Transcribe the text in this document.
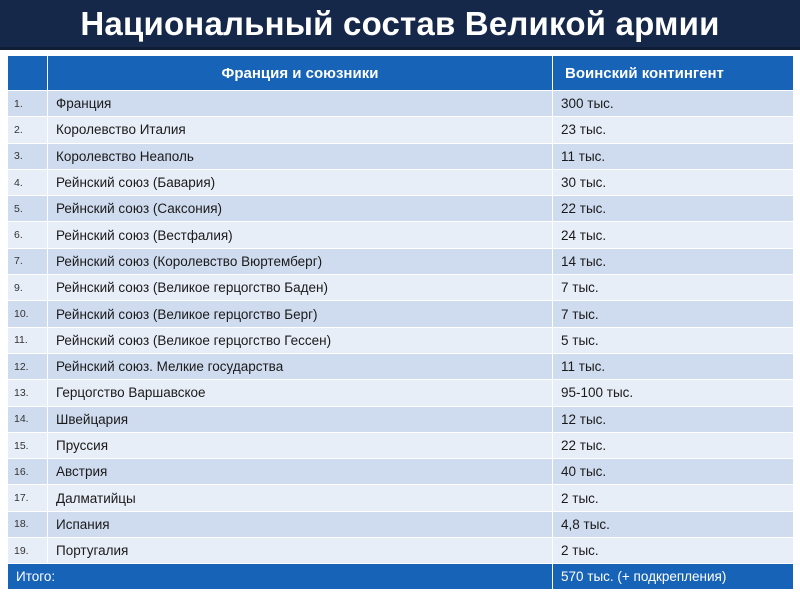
Национальный состав Великой армии
	Франция и союзники	Воинский контингент
1.	Франция	300 тыс.
2.	Королевство Италия	23 тыс.
3.	Королевство Неаполь	11 тыс.
4.	Рейнский союз (Бавария)	30 тыс.
5.	Рейнский союз (Саксония)	22 тыс.
6.	Рейнский союз (Вестфалия)	24 тыс.
7.	Рейнский союз (Королевство Вюртемберг)	14 тыс.
9.	Рейнский союз (Великое герцогство Баден)	7 тыс.
10.	Рейнский союз (Великое герцогство Берг)	7 тыс.
11.	Рейнский союз (Великое герцогство Гессен)	5 тыс.
12.	Рейнский союз. Мелкие государства	11 тыс.
13.	Герцогство Варшавское	95-100 тыс.
14.	Швейцария	12 тыс.
15.	Пруссия	22 тыс.
16.	Австрия	40 тыс.
17.	Далматийцы	2 тыс.
18.	Испания	4,8 тыс.
19.	Португалия	2 тыс.
Итого:		570 тыс. (+ подкрепления)
